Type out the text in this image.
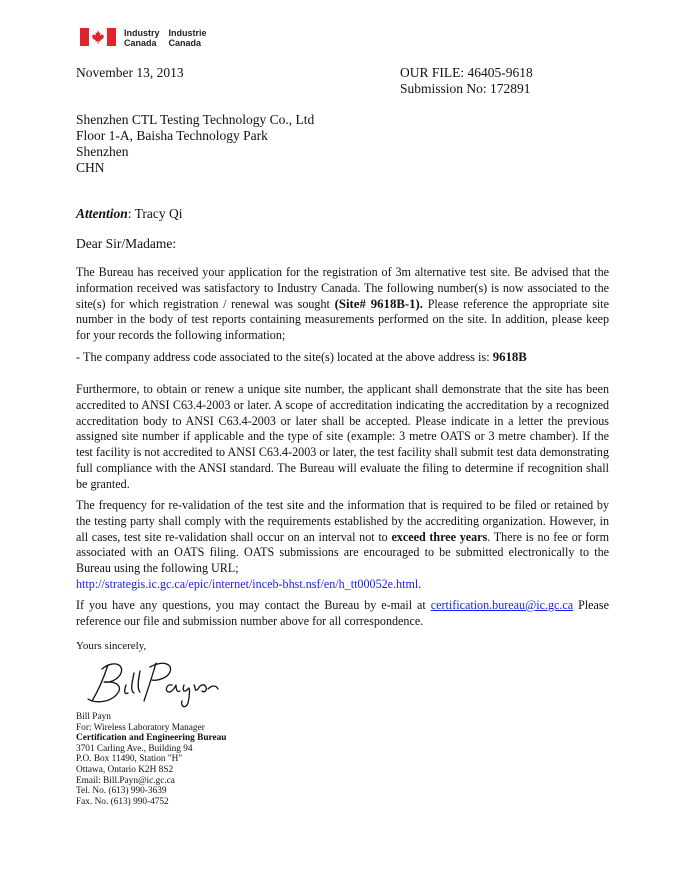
Industry
CanadaIndustrie
Canada
November 13, 2013	OUR FILE: 46405-9618
Submission No: 172891
Shenzhen CTL Testing Technology Co., Ltd
Floor 1-A, Baisha Technology Park
Shenzhen
CHN
Attention: Tracy Qi
Dear Sir/Madame:
The Bureau has received your application for the registration of 3m alternative test site. Be advised that the information received was satisfactory to Industry Canada. The following number(s) is now associated to the site(s) for which registration / renewal was sought (Site# 9618B-1). Please reference the appropriate site number in the body of test reports containing measurements performed on the site. In addition, please keep for your records the following information;
- The company address code associated to the site(s) located at the above address is: 9618B
Furthermore, to obtain or renew a unique site number, the applicant shall demonstrate that the site has been accredited to ANSI C63.4-2003 or later. A scope of accreditation indicating the accreditation by a recognized accreditation body to ANSI C63.4-2003 or later shall be accepted. Please indicate in a letter the previous assigned site number if applicable and the type of site (example: 3 metre OATS or 3 metre chamber). If the test facility is not accredited to ANSI C63.4-2003 or later, the test facility shall submit test data demonstrating full compliance with the ANSI standard. The Bureau will evaluate the filing to determine if recognition shall be granted.
The frequency for re-validation of the test site and the information that is required to be filed or retained by the testing party shall comply with the requirements established by the accrediting organization. However, in all cases, test site re-validation shall occur on an interval not to exceed three years. There is no fee or form associated with an OATS filing. OATS submissions are encouraged to be submitted electronically to the Bureau using the following URL;
http://strategis.ic.gc.ca/epic/internet/inceb-bhst.nsf/en/h_tt00052e.html.
If you have any questions, you may contact the Bureau by e-mail at certification.bureau@ic.gc.ca Please reference our file and submission number above for all correspondence.
Yours sincerely,
Bill Payn
For: Wireless Laboratory Manager
Certification and Engineering Bureau
3701 Carling Ave., Building 94
P.O. Box 11490, Station "H"
Ottawa, Ontario K2H 8S2
Email: Bill.Payn@ic.gc.ca
Tel. No. (613) 990-3639
Fax. No. (613) 990-4752
